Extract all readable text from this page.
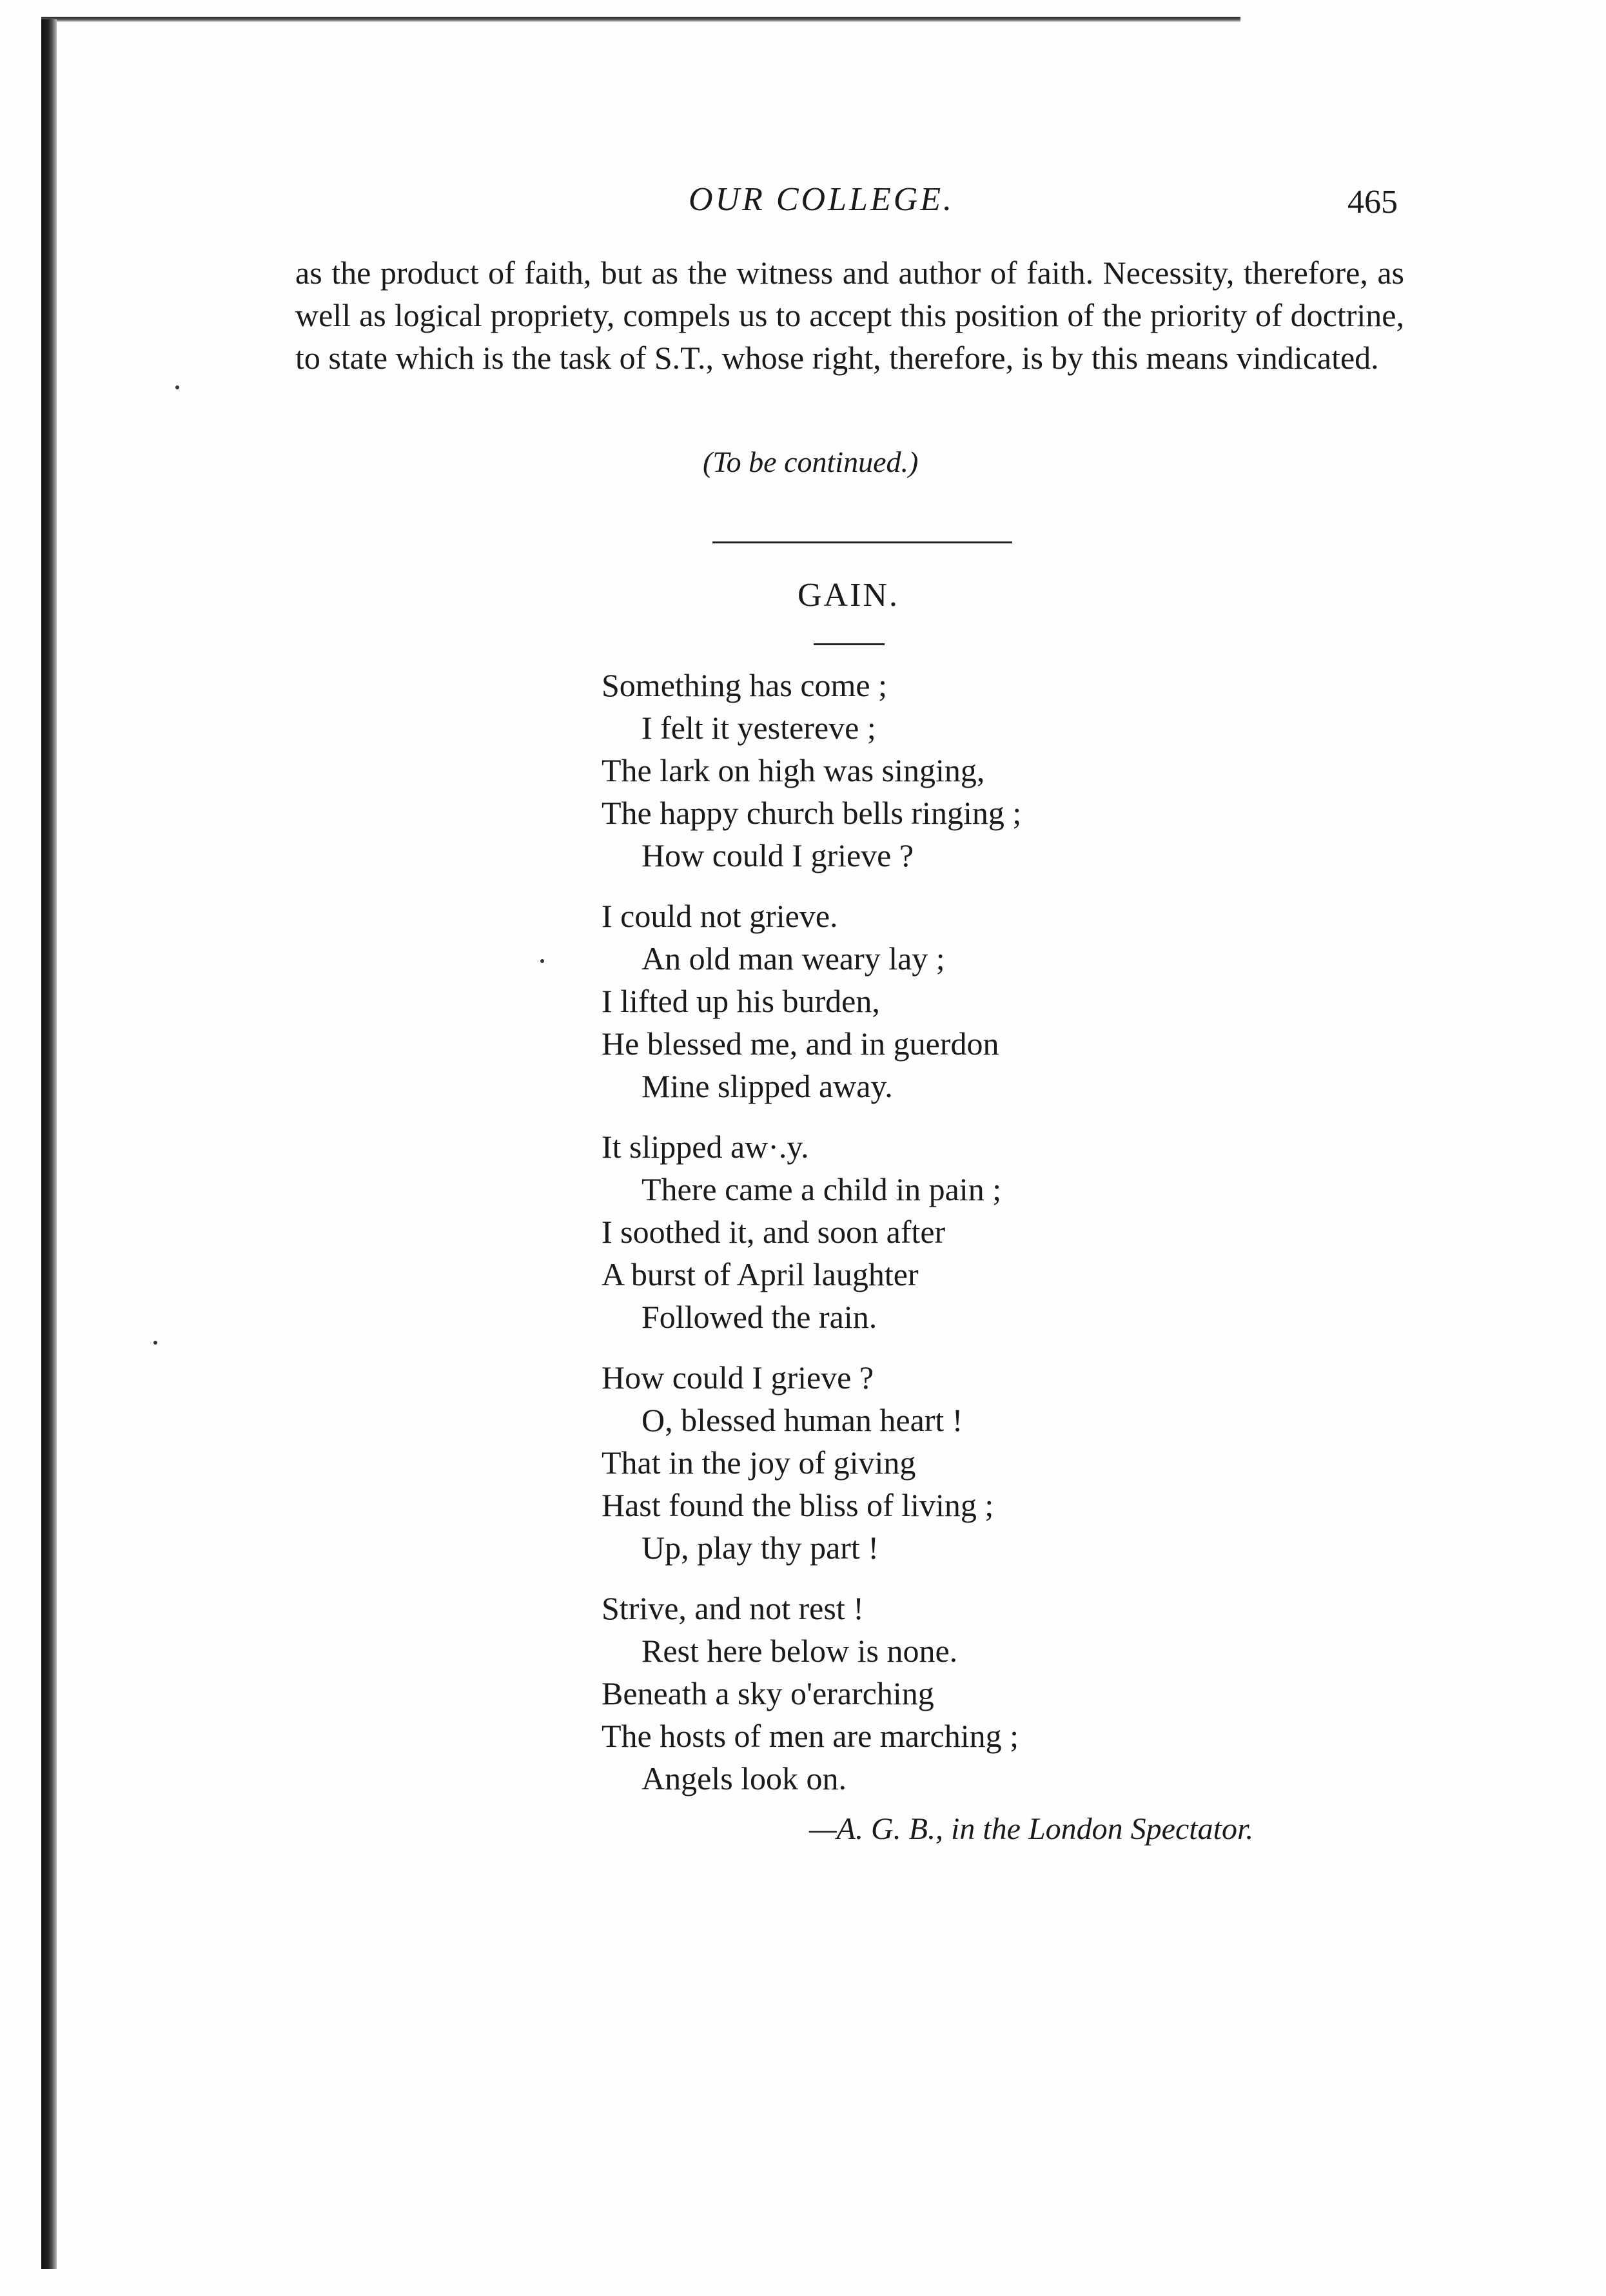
OUR COLLEGE.	465

as the product of faith, but as the witness and author of faith. Necessity, therefore, as well as logical propriety, compels us to accept this position of the priority of doctrine, to state which is the task of S.T., whose right, therefore, is by this means vindicated.

(To be continued.)
GAIN.
Something has come ;
I felt it yestereve ;
The lark on high was singing,
The happy church bells ringing ;
How could I grieve ?
I could not grieve.
An old man weary lay ;
I lifted up his burden,
He blessed me, and in guerdon
Mine slipped away.
It slipped aw·.y.
There came a child in pain ;
I soothed it, and soon after
A burst of April laughter
Followed the rain.
How could I grieve ?
O, blessed human heart !
That in the joy of giving
Hast found the bliss of living ;
Up, play thy part !
Strive, and not rest !
Rest here below is none.
Beneath a sky o'erarching
The hosts of men are marching ;
Angels look on.
—A. G. B., in the London Spectator.
